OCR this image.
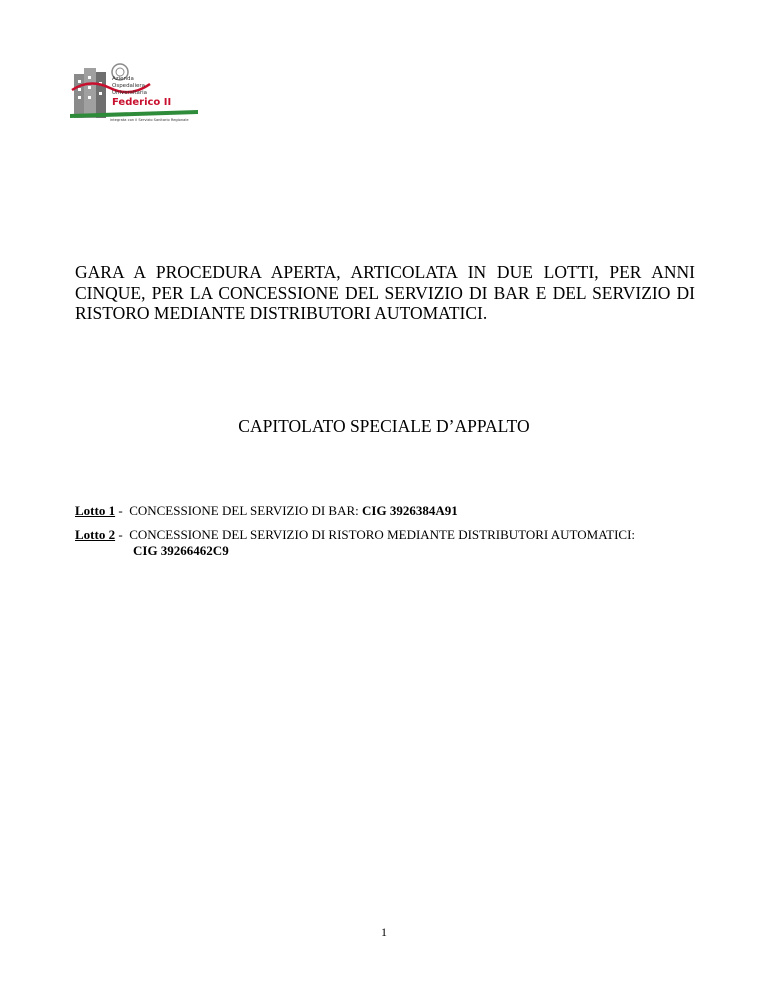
Azienda
Ospedaliera
Universitaria
Federico II
integrata con il Servizio Sanitario Regionale
GARA A PROCEDURA APERTA, ARTICOLATA IN DUE LOTTI, PER ANNI CINQUE, PER LA CONCESSIONE DEL SERVIZIO DI BAR E DEL SERVIZIO DI RISTORO MEDIANTE DISTRIBUTORI AUTOMATICI.
CAPITOLATO SPECIALE D’APPALTO
Lotto 1 - CONCESSIONE DEL SERVIZIO DI BAR: CIG 3926384A91
Lotto 2 - CONCESSIONE DEL SERVIZIO DI RISTORO MEDIANTE DISTRIBUTORI AUTOMATICI:
CIG 39266462C9
1
